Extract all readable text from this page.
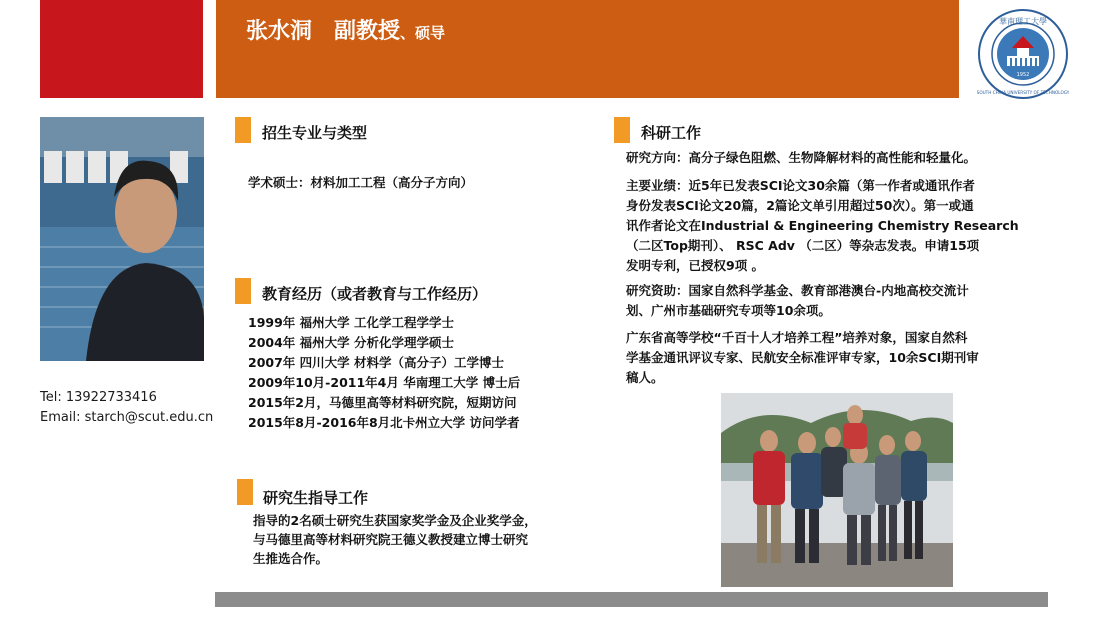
张水洞 副教授、硕导
華南理工大學
SOUTH CHINA UNIVERSITY OF TECHNOLOGY
1952
Tel: 13922733416
Email: starch@scut.edu.cn
招生专业与类型
学术硕士：材料加工工程（高分子方向）
教育经历（或者教育与工作经历）
1999年 福州大学 工化学工程学学士
2004年 福州大学 分析化学理学硕士
2007年 四川大学 材料学（高分子）工学博士
2009年10月-2011年4月 华南理工大学 博士后
2015年2月，马德里高等材料研究院，短期访问
2015年8月-2016年8月北卡州立大学 访问学者
研究生指导工作
指导的2名硕士研究生获国家奖学金及企业奖学金，
与马德里高等材料研究院王德义教授建立博士研究
生推选合作。
科研工作
研究方向：高分子绿色阻燃、生物降解材料的高性能和轻量化。
主要业绩：近5年已发表SCI论文30余篇（第一作者或通讯作者
身份发表SCI论文20篇，2篇论文单引用超过50次）。第一或通
讯作者论文在Industrial & Engineering Chemistry Research
（二区Top期刊）、 RSC Adv （二区）等杂志发表。申请15项
发明专利，已授权9项 。
研究资助：国家自然科学基金、教育部港澳台-内地高校交流计
划、广州市基础研究专项等10余项。
广东省高等学校“千百十人才培养工程”培养对象，国家自然科
学基金通讯评议专家、民航安全标准评审专家，10余SCI期刊审
稿人。
